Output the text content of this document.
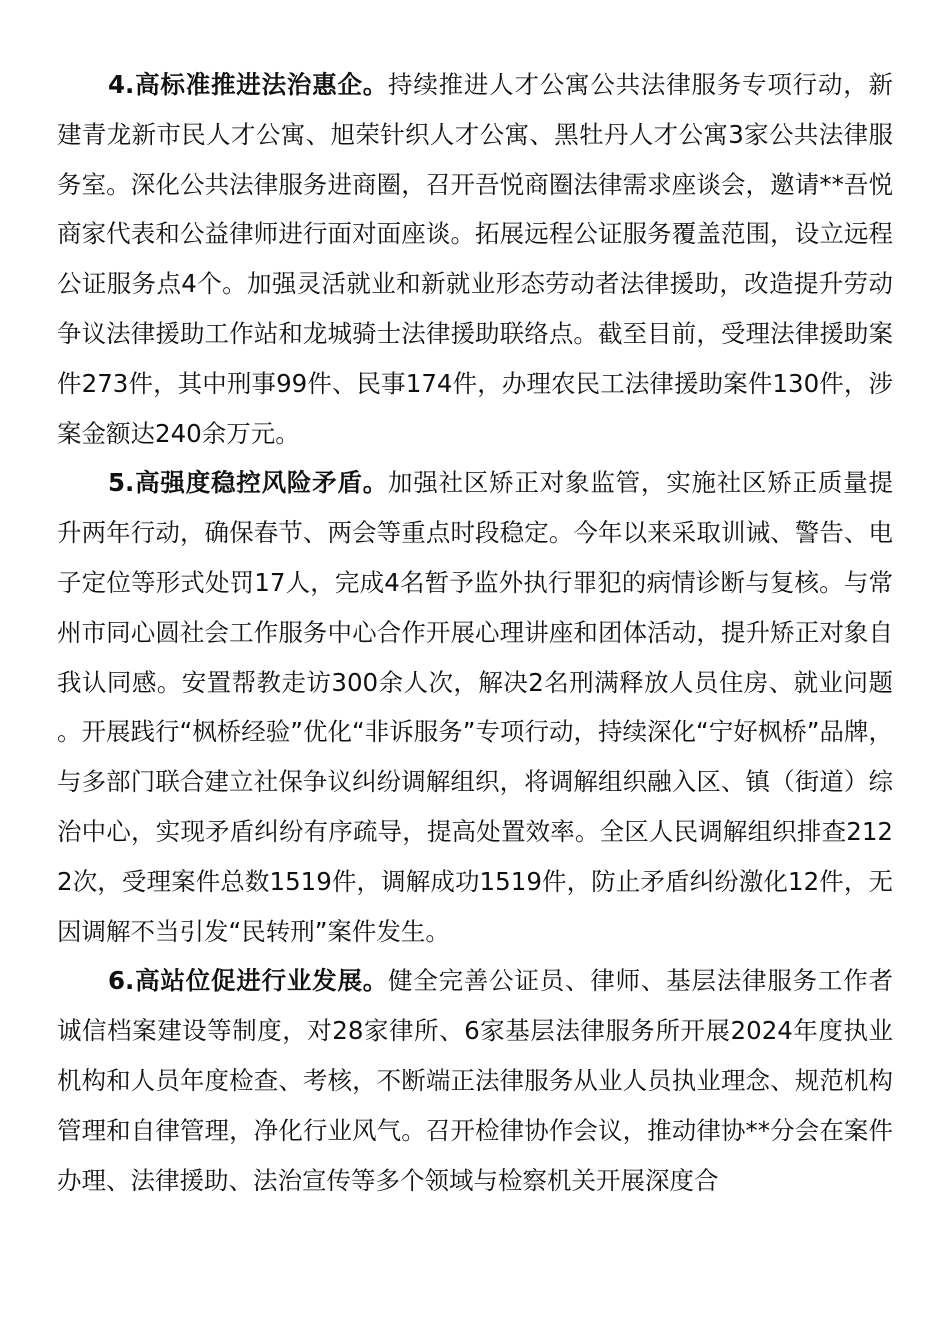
4.高标准推进法治惠企。持续推进人才公寓公共法律服务专项行动，新建青龙新市民人才公寓、旭荣针织人才公寓、黑牡丹人才公寓3家公共法律服务室。深化公共法律服务进商圈，召开吾悦商圈法律需求座谈会，邀请**吾悦商家代表和公益律师进行面对面座谈。拓展远程公证服务覆盖范围，设立远程公证服务点4个。加强灵活就业和新就业形态劳动者法律援助，改造提升劳动争议法律援助工作站和龙城骑士法律援助联络点。截至目前，受理法律援助案件273件，其中刑事99件、民事174件，办理农民工法律援助案件130件，涉案金额达240余万元。

5.高强度稳控风险矛盾。加强社区矫正对象监管，实施社区矫正质量提升两年行动，确保春节、两会等重点时段稳定。今年以来采取训诫、警告、电子定位等形式处罚17人，完成4名暂予监外执行罪犯的病情诊断与复核。与常州市同心圆社会工作服务中心合作开展心理讲座和团体活动，提升矫正对象自我认同感。安置帮教走访300余人次，解决2名刑满释放人员住房、就业问题。开展践行“枫桥经验”优化“非诉服务”专项行动，持续深化“宁好枫桥”品牌，与多部门联合建立社保争议纠纷调解组织，将调解组织融入区、镇（街道）综治中心，实现矛盾纠纷有序疏导，提高处置效率。全区人民调解组织排查2122次，受理案件总数1519件，调解成功1519件，防止矛盾纠纷激化12件，无因调解不当引发“民转刑”案件发生。

6.高站位促进行业发展。健全完善公证员、律师、基层法律服务工作者诚信档案建设等制度，对28家律所、6家基层法律服务所开展2024年度执业机构和人员年度检查、考核，不断端正法律服务从业人员执业理念、规范机构管理和自律管理，净化行业风气。召开检律协作会议，推动律协**分会在案件办理、法律援助、法治宣传等多个领域与检察机关开展深度合
